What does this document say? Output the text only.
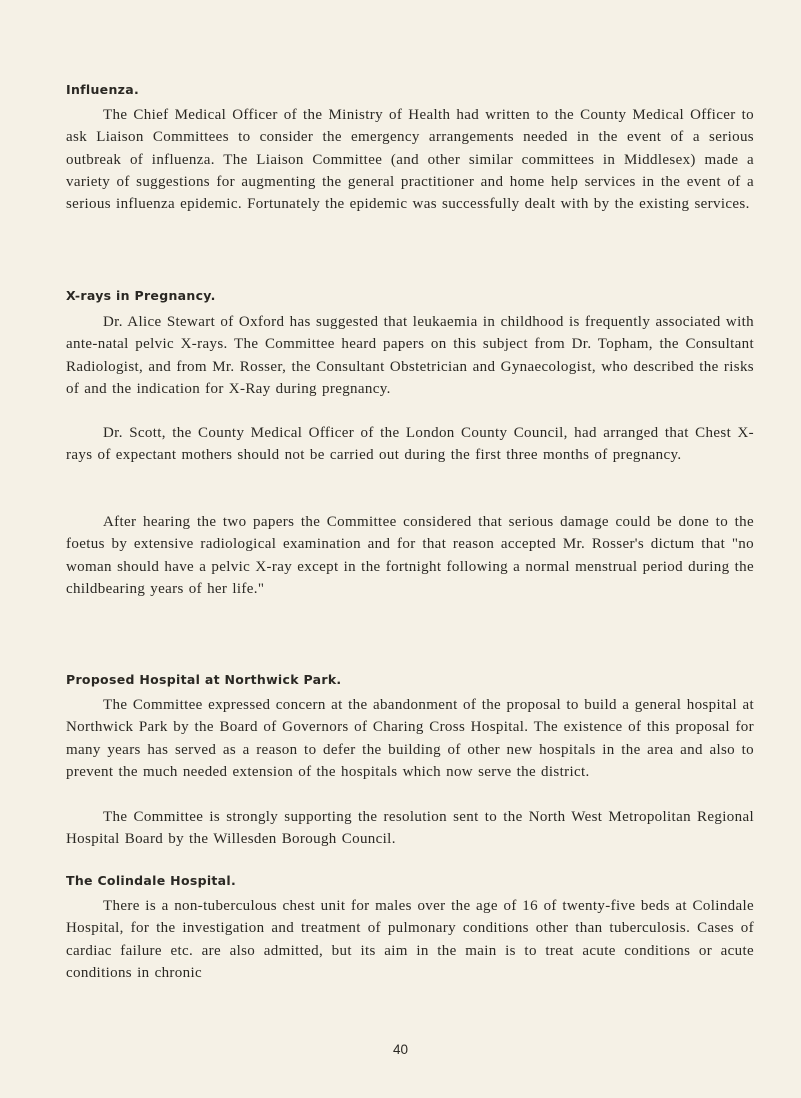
Influenza.

The Chief Medical Officer of the Ministry of Health had written to the County Medical Officer to ask Liaison Committees to consider the emergency arrangements needed in the event of a serious outbreak of influenza. The Liaison Committee (and other similar committees in Middlesex) made a variety of suggestions for augmenting the general practitioner and home help services in the event of a serious influenza epidemic. Fortunately the epidemic was successfully dealt with by the existing services.

X-rays in Pregnancy.

Dr. Alice Stewart of Oxford has suggested that leukaemia in childhood is frequently associated with ante-natal pelvic X-rays. The Committee heard papers on this subject from Dr. Topham, the Consultant Radiologist, and from Mr. Rosser, the Consultant Obstetrician and Gynaecologist, who described the risks of and the indication for X-Ray during pregnancy.

Dr. Scott, the County Medical Officer of the London County Council, had arranged that Chest X-rays of expectant mothers should not be carried out during the first three months of pregnancy.

After hearing the two papers the Committee considered that serious damage could be done to the foetus by extensive radiological examination and for that reason accepted Mr. Rosser's dictum that "no woman should have a pelvic X-ray except in the fortnight following a normal menstrual period during the childbearing years of her life."

Proposed Hospital at Northwick Park.

The Committee expressed concern at the abandonment of the proposal to build a general hospital at Northwick Park by the Board of Governors of Charing Cross Hospital. The existence of this proposal for many years has served as a reason to defer the building of other new hospitals in the area and also to prevent the much needed extension of the hospitals which now serve the district.

The Committee is strongly supporting the resolution sent to the North West Metropolitan Regional Hospital Board by the Willesden Borough Council.

The Colindale Hospital.

There is a non-tuberculous chest unit for males over the age of 16 of twenty-five beds at Colindale Hospital, for the investigation and treatment of pulmonary conditions other than tuberculosis. Cases of cardiac failure etc. are also admitted, but its aim in the main is to treat acute conditions or acute conditions in chronic

40
